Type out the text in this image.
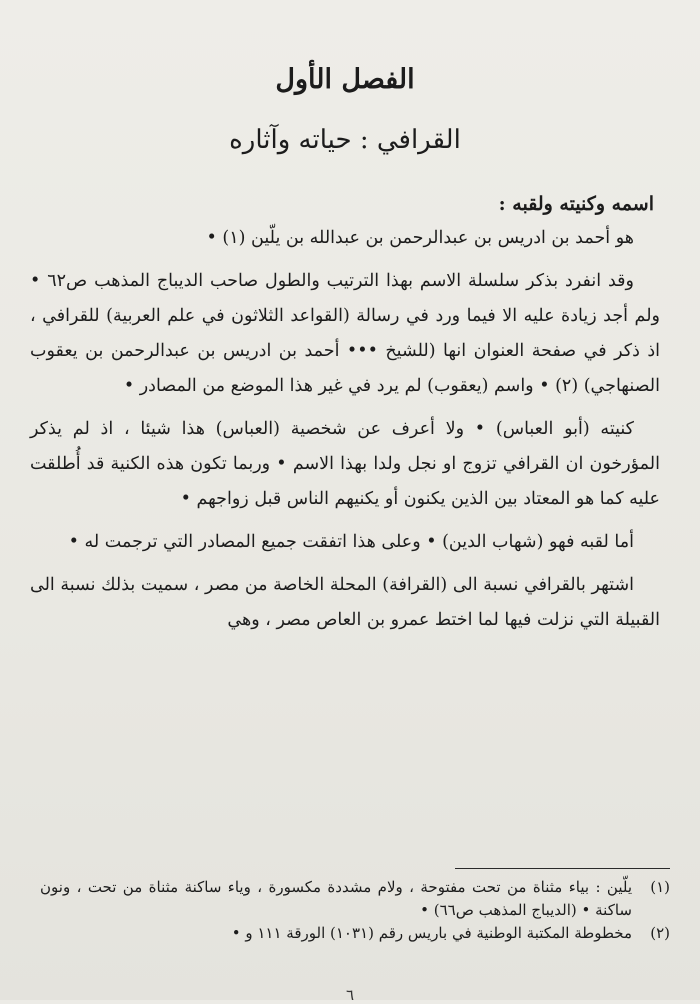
الفصل الأول
القرافي : حياته وآثاره
اسمه وكنيته ولقبه :

هو أحمد بن ادريس بن عبدالرحمن بن عبدالله بن يلّين (١) •

وقد انفرد بذكر سلسلة الاسم بهذا الترتيب والطول صاحب الديباج المذهب ص٦٢ • ولم أجد زيادة عليه الا فيما ورد في رسالة (القواعد الثلاثون في علم العربية) للقرافي ، اذ ذكر في صفحة العنوان انها (للشيخ ••• أحمد بن ادريس بن عبدالرحمن بن يعقوب الصنهاجي) (٢) • واسم (يعقوب) لم يرد في غير هذا الموضع من المصادر •

كنيته (أبو العباس) • ولا أعرف عن شخصية (العباس) هذا شيئا ، اذ لم يذكر المؤرخون ان القرافي تزوج او نجل ولدا بهذا الاسم • وربما تكون هذه الكنية قد أُطلقت عليه كما هو المعتاد بين الذين يكنون أو يكنيهم الناس قبل زواجهم •

أما لقبه فهو (شهاب الدين) • وعلى هذا اتفقت جميع المصادر التي ترجمت له •

اشتهر بالقرافي نسبة الى (القرافة) المحلة الخاصة من مصر ، سميت بذلك نسبة الى القبيلة التي نزلت فيها لما اختط عمرو بن العاص مصر ، وهي

(١)
يلّين : بياء مثناة من تحت مفتوحة ، ولام مشددة مكسورة ، وياء ساكنة مثناة من تحت ، ونون ساكنة • (الديباج المذهب ص٦٦) •
(٢)
مخطوطة المكتبة الوطنية في باريس رقم (١٠٣١) الورقة ١١١ و •
٦
